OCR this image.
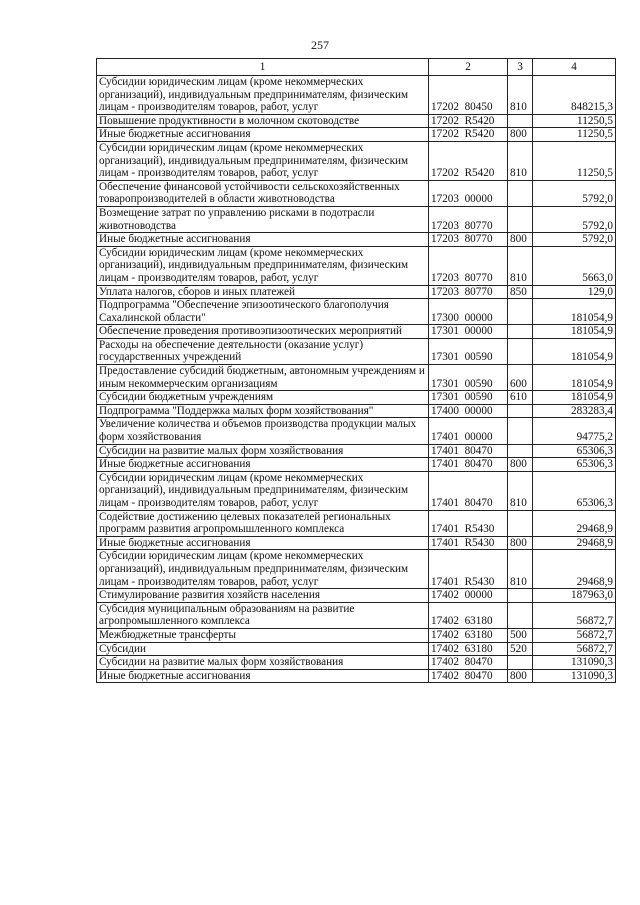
257
1	2	3	4
Субсидии юридическим лицам (кроме некоммерческих организаций), индивидуальным предпринимателям, физическим лицам - производителям товаров, работ, услуг	17202  80450	810	848215,3
Повышение продуктивности в молочном скотоводстве	17202  R5420		11250,5
Иные бюджетные ассигнования	17202  R5420	800	11250,5
Субсидии юридическим лицам (кроме некоммерческих организаций), индивидуальным предпринимателям, физическим лицам - производителям товаров, работ, услуг	17202  R5420	810	11250,5
Обеспечение финансовой устойчивости сельскохозяйственных товаропроизводителей в области животноводства	17203  00000		5792,0
Возмещение затрат по управлению рисками в подотрасли животноводства	17203  80770		5792,0
Иные бюджетные ассигнования	17203  80770	800	5792,0
Субсидии юридическим лицам (кроме некоммерческих организаций), индивидуальным предпринимателям, физическим лицам - производителям товаров, работ, услуг	17203  80770	810	5663,0
Уплата налогов, сборов и иных платежей	17203  80770	850	129,0
Подпрограмма "Обеспечение эпизоотического благополучия Сахалинской области"	17300  00000		181054,9
Обеспечение проведения противоэпизоотических мероприятий	17301  00000		181054,9
Расходы на обеспечение деятельности (оказание услуг) государственных учреждений	17301  00590		181054,9
Предоставление субсидий бюджетным, автономным учреждениям и иным некоммерческим организациям	17301  00590	600	181054,9
Субсидии бюджетным учреждениям	17301  00590	610	181054,9
Подпрограмма "Поддержка малых форм хозяйствования"	17400  00000		283283,4
Увеличение количества и объемов производства продукции малых форм хозяйствования	17401  00000		94775,2
Субсидии на развитие малых форм хозяйствования	17401  80470		65306,3
Иные бюджетные ассигнования	17401  80470	800	65306,3
Субсидии юридическим лицам (кроме некоммерческих организаций), индивидуальным предпринимателям, физическим лицам - производителям товаров, работ, услуг	17401  80470	810	65306,3
Содействие достижению целевых показателей региональных программ развития агропромышленного комплекса	17401  R5430		29468,9
Иные бюджетные ассигнования	17401  R5430	800	29468,9
Субсидии юридическим лицам (кроме некоммерческих организаций), индивидуальным предпринимателям, физическим лицам - производителям товаров, работ, услуг	17401  R5430	810	29468,9
Стимулирование развития хозяйств населения	17402  00000		187963,0
Субсидия муниципальным образованиям на развитие агропромышленного комплекса	17402  63180		56872,7
Межбюджетные трансферты	17402  63180	500	56872,7
Субсидии	17402  63180	520	56872,7
Субсидии на развитие малых форм хозяйствования	17402  80470		131090,3
Иные бюджетные ассигнования	17402  80470	800	131090,3
